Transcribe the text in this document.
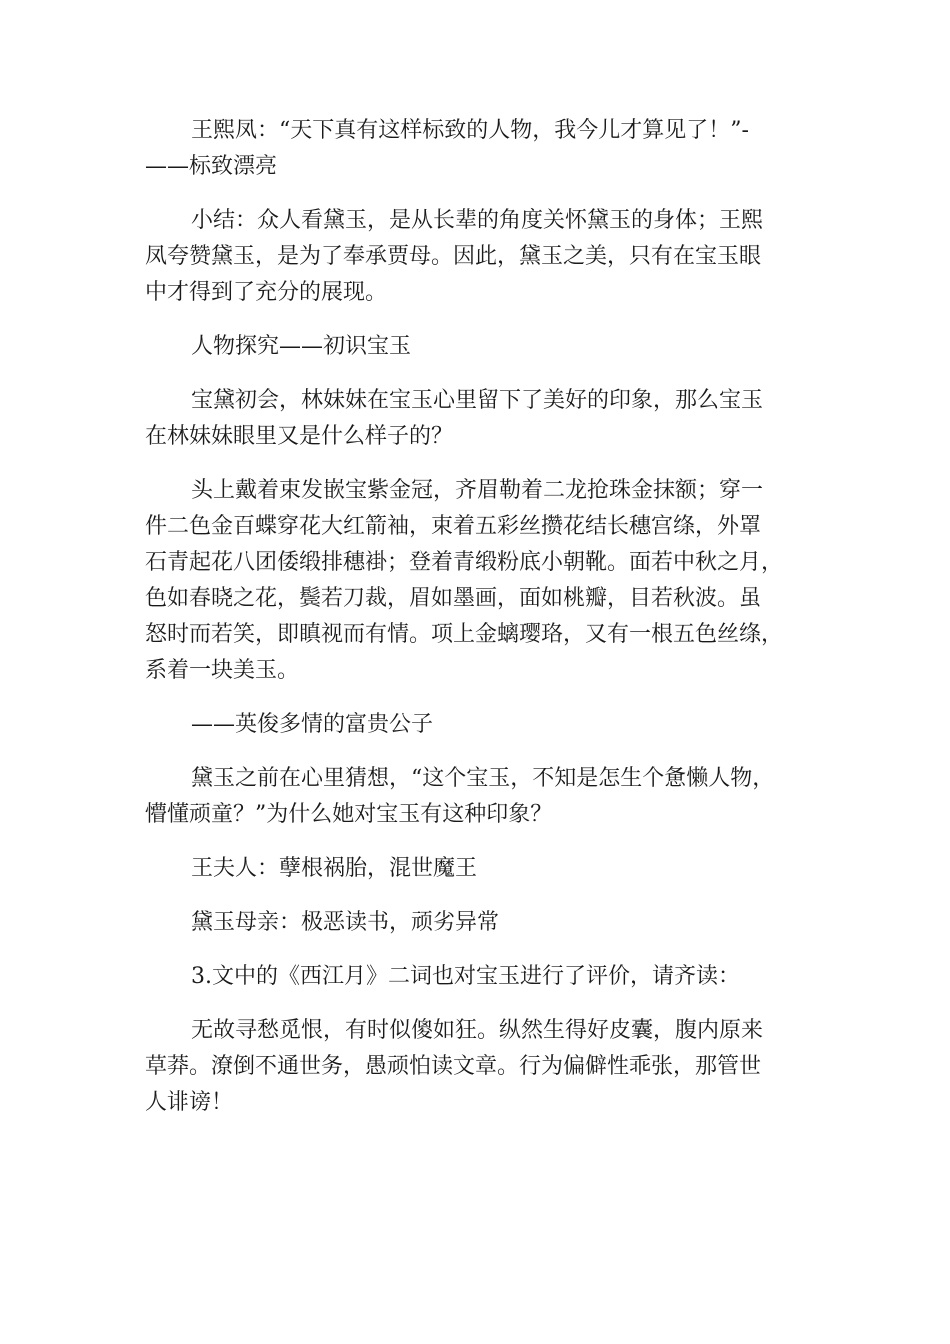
王熙凤：“天下真有这样标致的人物，我今儿才算见了！”-
——标致漂亮

小结：众人看黛玉，是从长辈的角度关怀黛玉的身体；王熙
凤夸赞黛玉，是为了奉承贾母。因此，黛玉之美，只有在宝玉眼
中才得到了充分的展现。

人物探究——初识宝玉

宝黛初会，林妹妹在宝玉心里留下了美好的印象，那么宝玉
在林妹妹眼里又是什么样子的？

头上戴着束发嵌宝紫金冠，齐眉勒着二龙抢珠金抹额；穿一
件二色金百蝶穿花大红箭袖，束着五彩丝攒花结长穗宫绦，外罩
石青起花八团倭缎排穗褂；登着青缎粉底小朝靴。面若中秋之月，
色如春晓之花，鬓若刀裁，眉如墨画，面如桃瓣，目若秋波。虽
怒时而若笑，即瞋视而有情。项上金螭璎珞，又有一根五色丝绦，
系着一块美玉。

——英俊多情的富贵公子

黛玉之前在心里猜想，“这个宝玉，不知是怎生个惫懒人物，
懵懂顽童？”为什么她对宝玉有这种印象？

王夫人：孽根祸胎，混世魔王

黛玉母亲：极恶读书，顽劣异常

3.文中的《西江月》二词也对宝玉进行了评价，请齐读：

无故寻愁觅恨，有时似傻如狂。纵然生得好皮囊，腹内原来
草莽。潦倒不通世务，愚顽怕读文章。行为偏僻性乖张，那管世
人诽谤！
